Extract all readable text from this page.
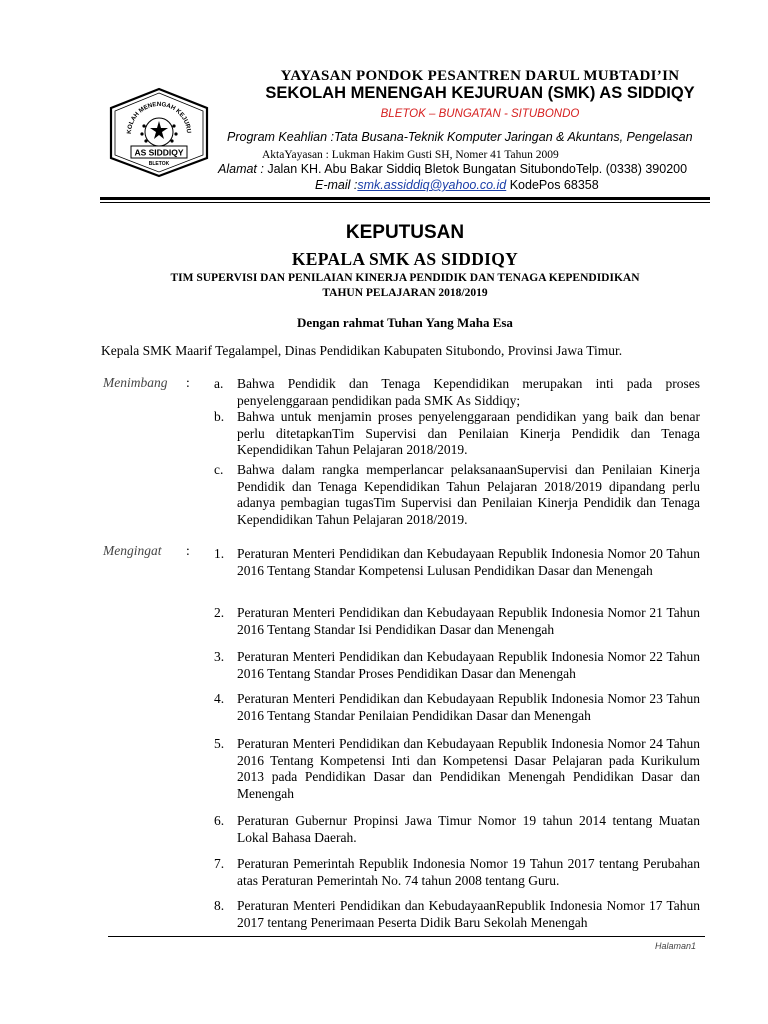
KOLAH MENENGAH KEJURU
AS SIDDIQY
BLETOK
YAYASAN PONDOK PESANTREN DARUL MUBTADI’IN
SEKOLAH MENENGAH KEJURUAN (SMK) AS SIDDIQY
BLETOK – BUNGATAN - SITUBONDO
Program Keahlian :Tata Busana-Teknik Komputer Jaringan & Akuntans, Pengelasan
AktaYayasan : Lukman Hakim Gusti SH, Nomer 41 Tahun 2009
Alamat : Jalan KH. Abu Bakar Siddiq Bletok Bungatan SitubondoTelp. (0338) 390200
E-mail :smk.assiddiq@yahoo.co.id KodePos 68358
KEPUTUSAN
KEPALA SMK AS SIDDIQY
TIM SUPERVISI DAN PENILAIAN KINERJA PENDIDIK DAN TENAGA KEPENDIDIKAN
TAHUN PELAJARAN 2018/2019
Dengan rahmat Tuhan Yang Maha Esa
Kepala SMK Maarif Tegalampel, Dinas Pendidikan Kabupaten Situbondo, Provinsi Jawa Timur.
Menimbang : a.	Bahwa Pendidik dan Tenaga Kependidikan merupakan inti pada proses penyelenggaraan pendidikan pada SMK As Siddiqy;
b. Bahwa untuk menjamin proses penyelenggaraan pendidikan yang baik dan benar perlu ditetapkanTim Supervisi dan Penilaian Kinerja Pendidik dan Tenaga Kependidikan Tahun Pelajaran 2018/2019.
c.	Bahwa dalam rangka memperlancar pelaksanaanSupervisi dan Penilaian Kinerja Pendidik dan Tenaga Kependidikan Tahun Pelajaran 2018/2019 dipandang perlu adanya pembagian tugasTim Supervisi dan Penilaian Kinerja Pendidik dan Tenaga Kependidikan Tahun Pelajaran 2018/2019.
Mengingat : 1. Peraturan Menteri Pendidikan dan Kebudayaan Republik Indonesia Nomor 20 Tahun 2016 Tentang Standar Kompetensi Lulusan Pendidikan Dasar dan Menengah
2. Peraturan Menteri Pendidikan dan Kebudayaan Republik Indonesia Nomor 21 Tahun 2016 Tentang Standar Isi Pendidikan Dasar dan Menengah
3. Peraturan Menteri Pendidikan dan Kebudayaan Republik Indonesia Nomor 22 Tahun 2016 Tentang Standar Proses Pendidikan Dasar dan Menengah
4. Peraturan Menteri Pendidikan dan Kebudayaan Republik Indonesia Nomor 23 Tahun 2016 Tentang Standar Penilaian Pendidikan Dasar dan Menengah
5. Peraturan Menteri Pendidikan dan Kebudayaan Republik Indonesia Nomor 24 Tahun 2016 Tentang Kompetensi Inti dan Kompetensi Dasar Pelajaran pada Kurikulum 2013 pada Pendidikan Dasar dan Pendidikan Menengah Pendidikan Dasar dan Menengah
6. Peraturan Gubernur Propinsi Jawa Timur Nomor 19 tahun 2014 tentang Muatan Lokal Bahasa Daerah.
7. Peraturan Pemerintah Republik Indonesia Nomor 19 Tahun 2017 tentang Perubahan atas Peraturan Pemerintah No. 74 tahun 2008 tentang Guru.
8. Peraturan Menteri Pendidikan dan KebudayaanRepublik Indonesia Nomor 17 Tahun 2017 tentang Penerimaan Peserta Didik Baru Sekolah Menengah
Halaman1
